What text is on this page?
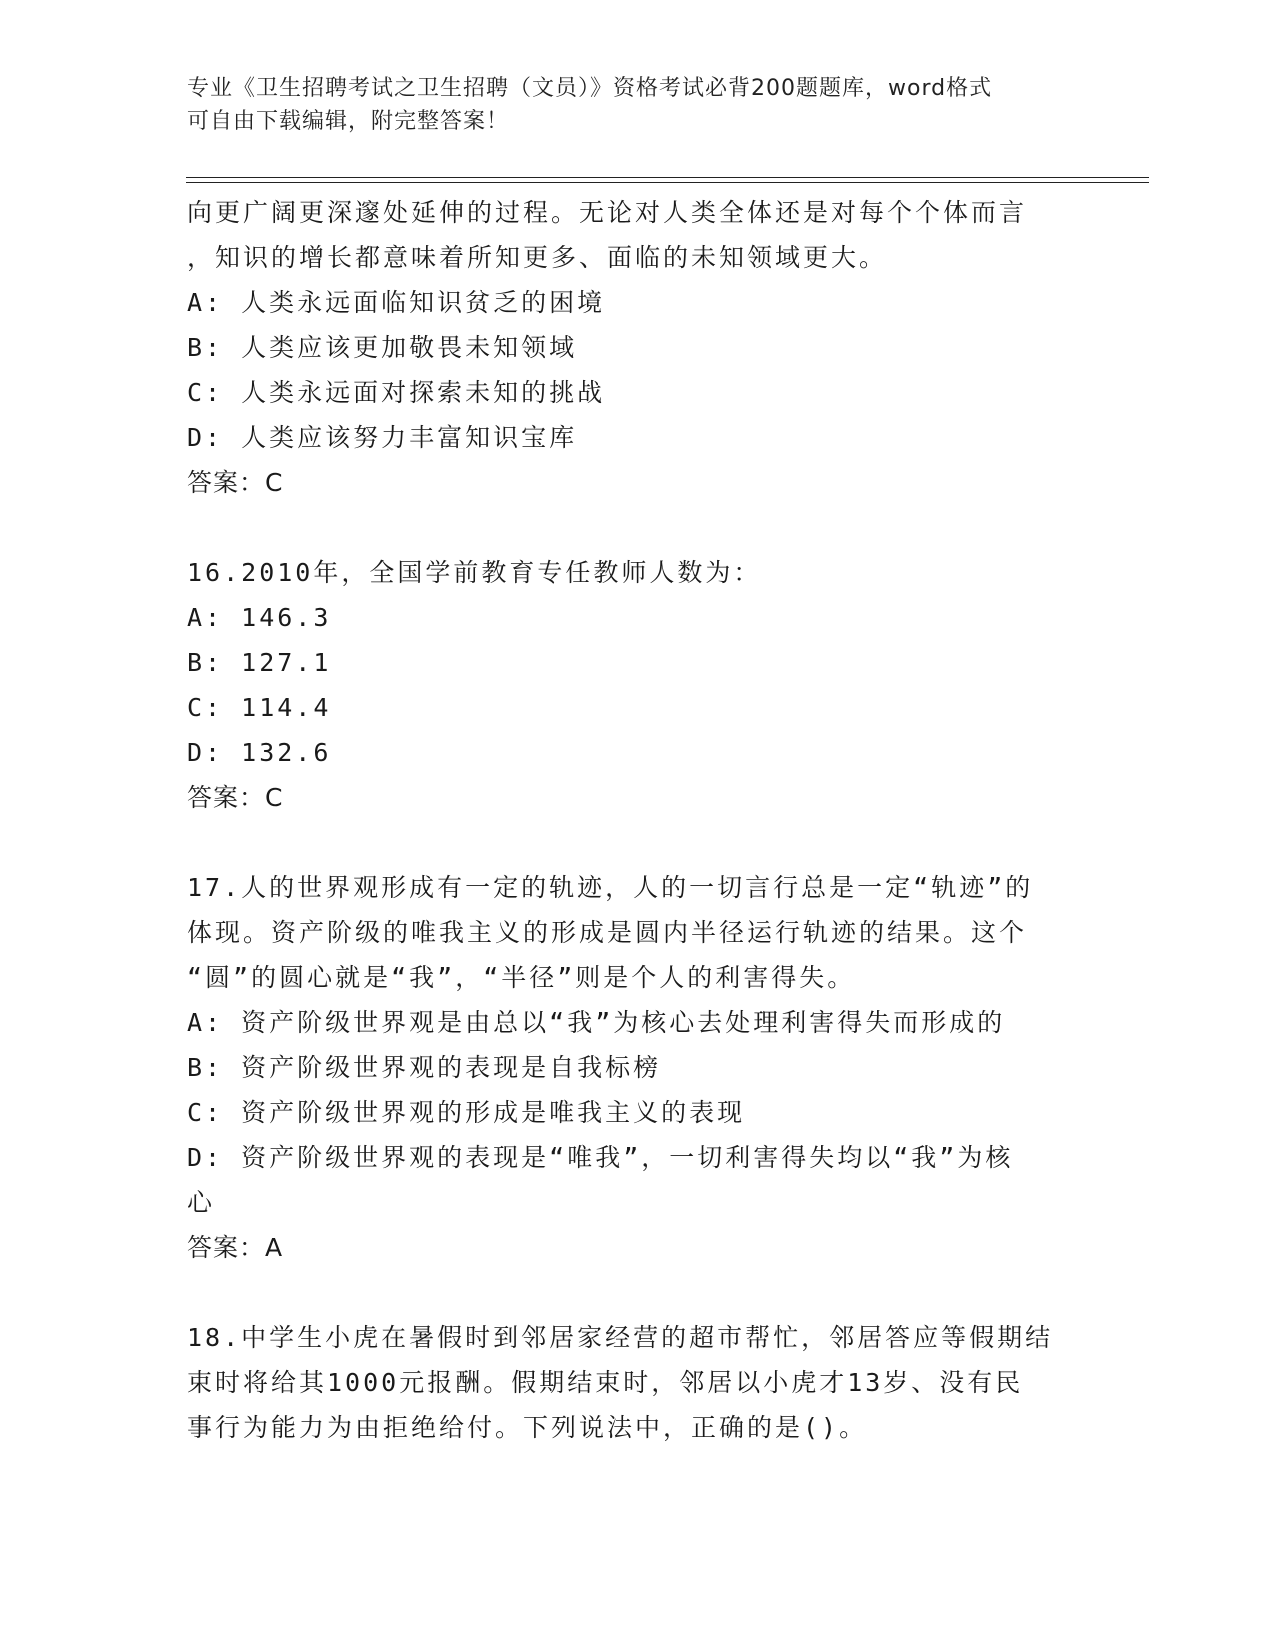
专业《卫生招聘考试之卫生招聘（文员）》资格考试必背200题题库，word格式
可自由下载编辑，附完整答案！
向更广阔更深邃处延伸的过程。无论对人类全体还是对每个个体而言
，知识的增长都意味着所知更多、面临的未知领域更大。
A: 人类永远面临知识贫乏的困境
B: 人类应该更加敬畏未知领域
C: 人类永远面对探索未知的挑战
D: 人类应该努力丰富知识宝库
答案：C
16.2010年，全国学前教育专任教师人数为：
A: 146.3
B: 127.1
C: 114.4
D: 132.6
答案：C
17.人的世界观形成有一定的轨迹，人的一切言行总是一定“轨迹”的
体现。资产阶级的唯我主义的形成是圆内半径运行轨迹的结果。这个
“圆”的圆心就是“我”，“半径”则是个人的利害得失。
A: 资产阶级世界观是由总以“我”为核心去处理利害得失而形成的
B: 资产阶级世界观的表现是自我标榜
C: 资产阶级世界观的形成是唯我主义的表现
D: 资产阶级世界观的表现是“唯我”，一切利害得失均以“我”为核
心
答案：A
18.中学生小虎在暑假时到邻居家经营的超市帮忙，邻居答应等假期结
束时将给其1000元报酬。假期结束时，邻居以小虎才13岁、没有民
事行为能力为由拒绝给付。下列说法中，正确的是()。
